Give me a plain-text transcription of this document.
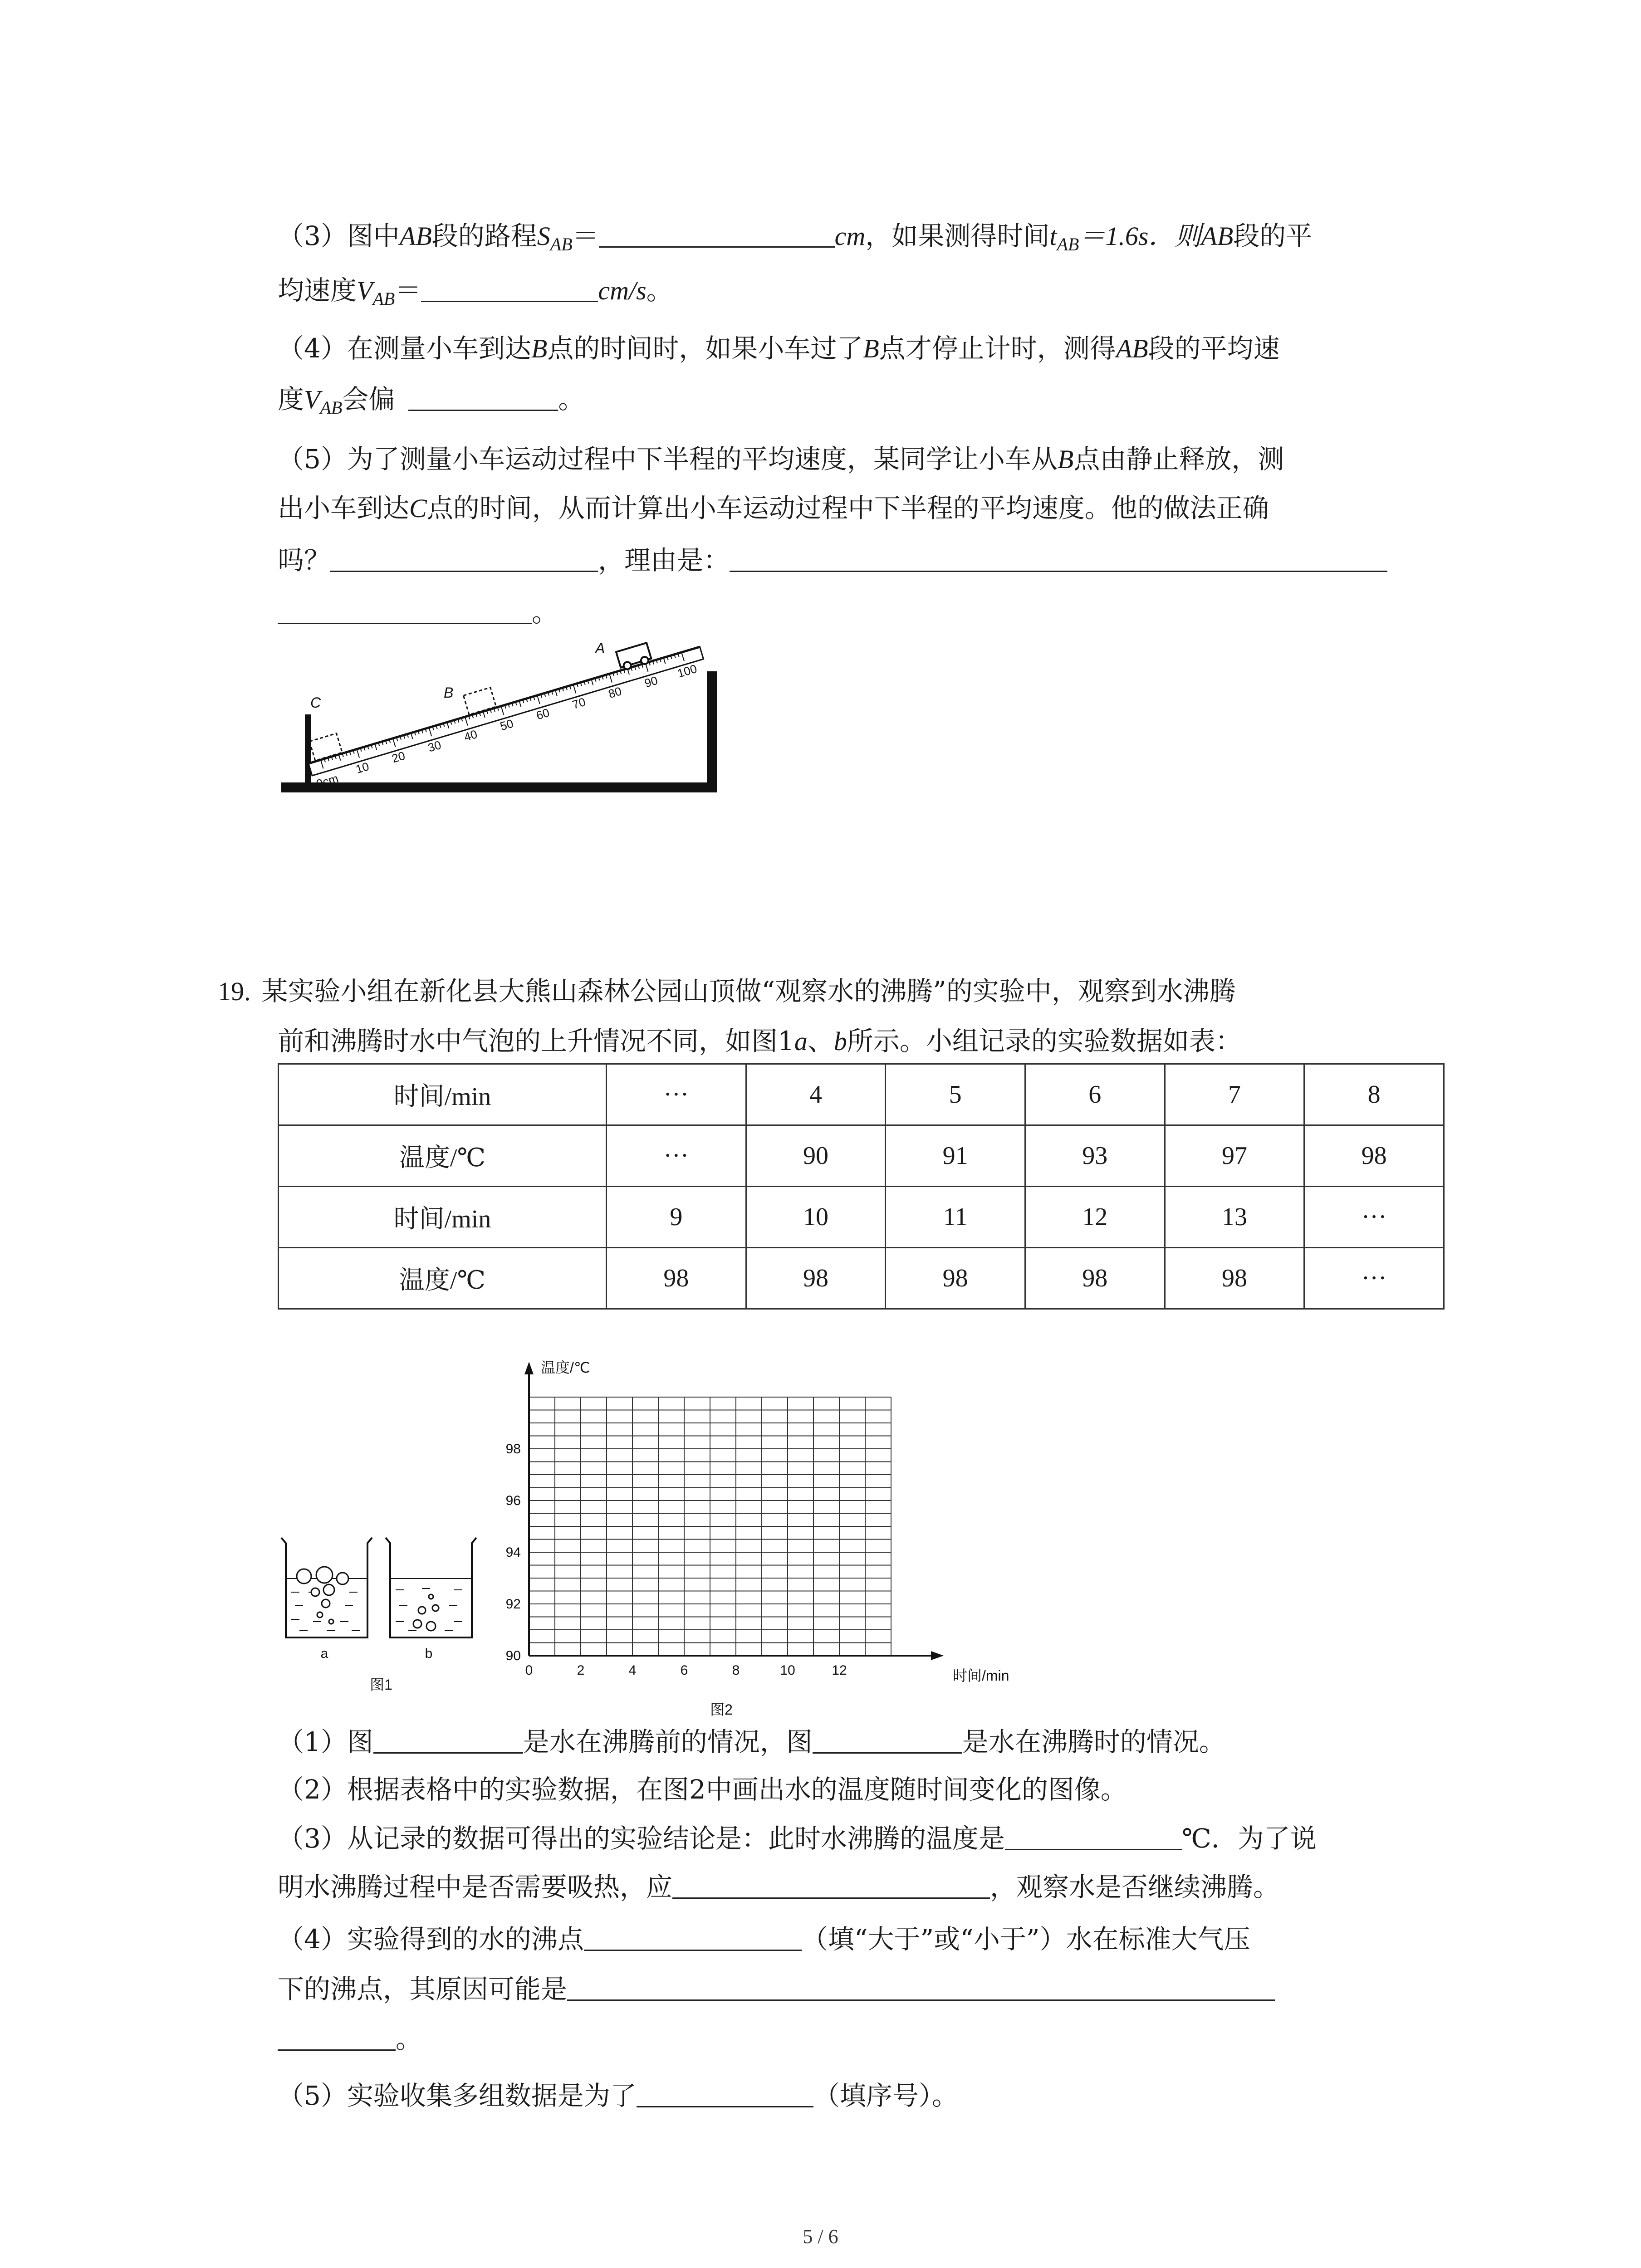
（3）图中AB段的路程$S_{AB}=$	cm，如果测得时间$t_{AB}=1.6s$．则AB段的平
均速度$V_{AB}=$	cm/s。
（4）在测量小车到达B点的时间时，如果小车过了B点才停止计时，测得AB段的平均速
度$V_{AB}$会偏	。
（5）为了测量小车运动过程中下半程的平均速度，某同学让小车从B点由静止释放，测
出小车到达C点的时间，从而计算出小车运动过程中下半程的平均速度。他的做法正确
吗？	，理由是：
。
0cm
10
20
30
40
50
60
70
80
90
100
A
B
C
19. 某实验小组在新化县大熊山森林公园山顶做“观察水的沸腾”的实验中，观察到水沸腾
前和沸腾时水中气泡的上升情况不同，如图1a、b所示。小组记录的实验数据如表：
时间/min	···	4	5	6	7	8
温度/℃	···	90	91	93	97	98
时间/min	9	10	11	12	13	···
温度/℃	98	98	98	98	98	···
a	b
图1
温度/℃
时间/min
98
96
94
92
90
0	2	4	6	8	10	12
图2
（1）图	是水在沸腾前的情况，图	是水在沸腾时的情况。
（2）根据表格中的实验数据，在图2中画出水的温度随时间变化的图像。
（3）从记录的数据可得出的实验结论是：此时水沸腾的温度是	℃．为了说
明水沸腾过程中是否需要吸热，应	，观察水是否继续沸腾。
（4）实验得到的水的沸点	（填“大于”或“小于”）水在标准大气压
下的沸点，其原因可能是
。
（5）实验收集多组数据是为了	（填序号）。
5 / 6
